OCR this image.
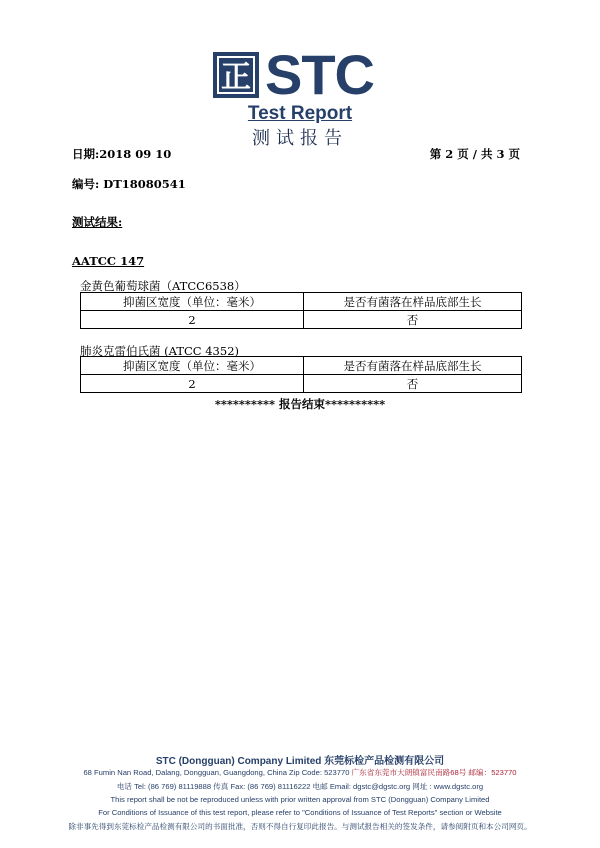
正 STC
Test Report
测试报告
日期:2018 09 10	第 2 页 / 共 3 页
编号: DT18080541
测试结果:
AATCC 147
金黄色葡萄球菌（ATCC6538）
抑菌区宽度（单位：毫米）	是否有菌落在样品底部生长
2	否
肺炎克雷伯氏菌 (ATCC 4352)
抑菌区宽度（单位：毫米）	是否有菌落在样品底部生长
2	否
********** 报告结束**********
STC (Dongguan) Company Limited 东莞标检产品检测有限公司
68 Fumin Nan Road, Dalang, Dongguan, Guangdong, China Zip Code: 523770 广东省东莞市大朗镇富民南路68号 邮编：523770
电话 Tel: (86 769) 81119888 传真 Fax: (86 769) 81116222 电邮 Email: dgstc@dgstc.org 网址 : www.dgstc.org
This report shall be not be reproduced unless with prior written approval from STC (Dongguan) Company Limited
For Conditions of Issuance of this test report, please refer to "Conditions of Issuance of Test Reports" section or Website
除非事先得到东莞标检产品检测有限公司的书面批准，否则不得自行复印此报告。与测试报告相关的签发条件，请参阅附页和本公司网页。
